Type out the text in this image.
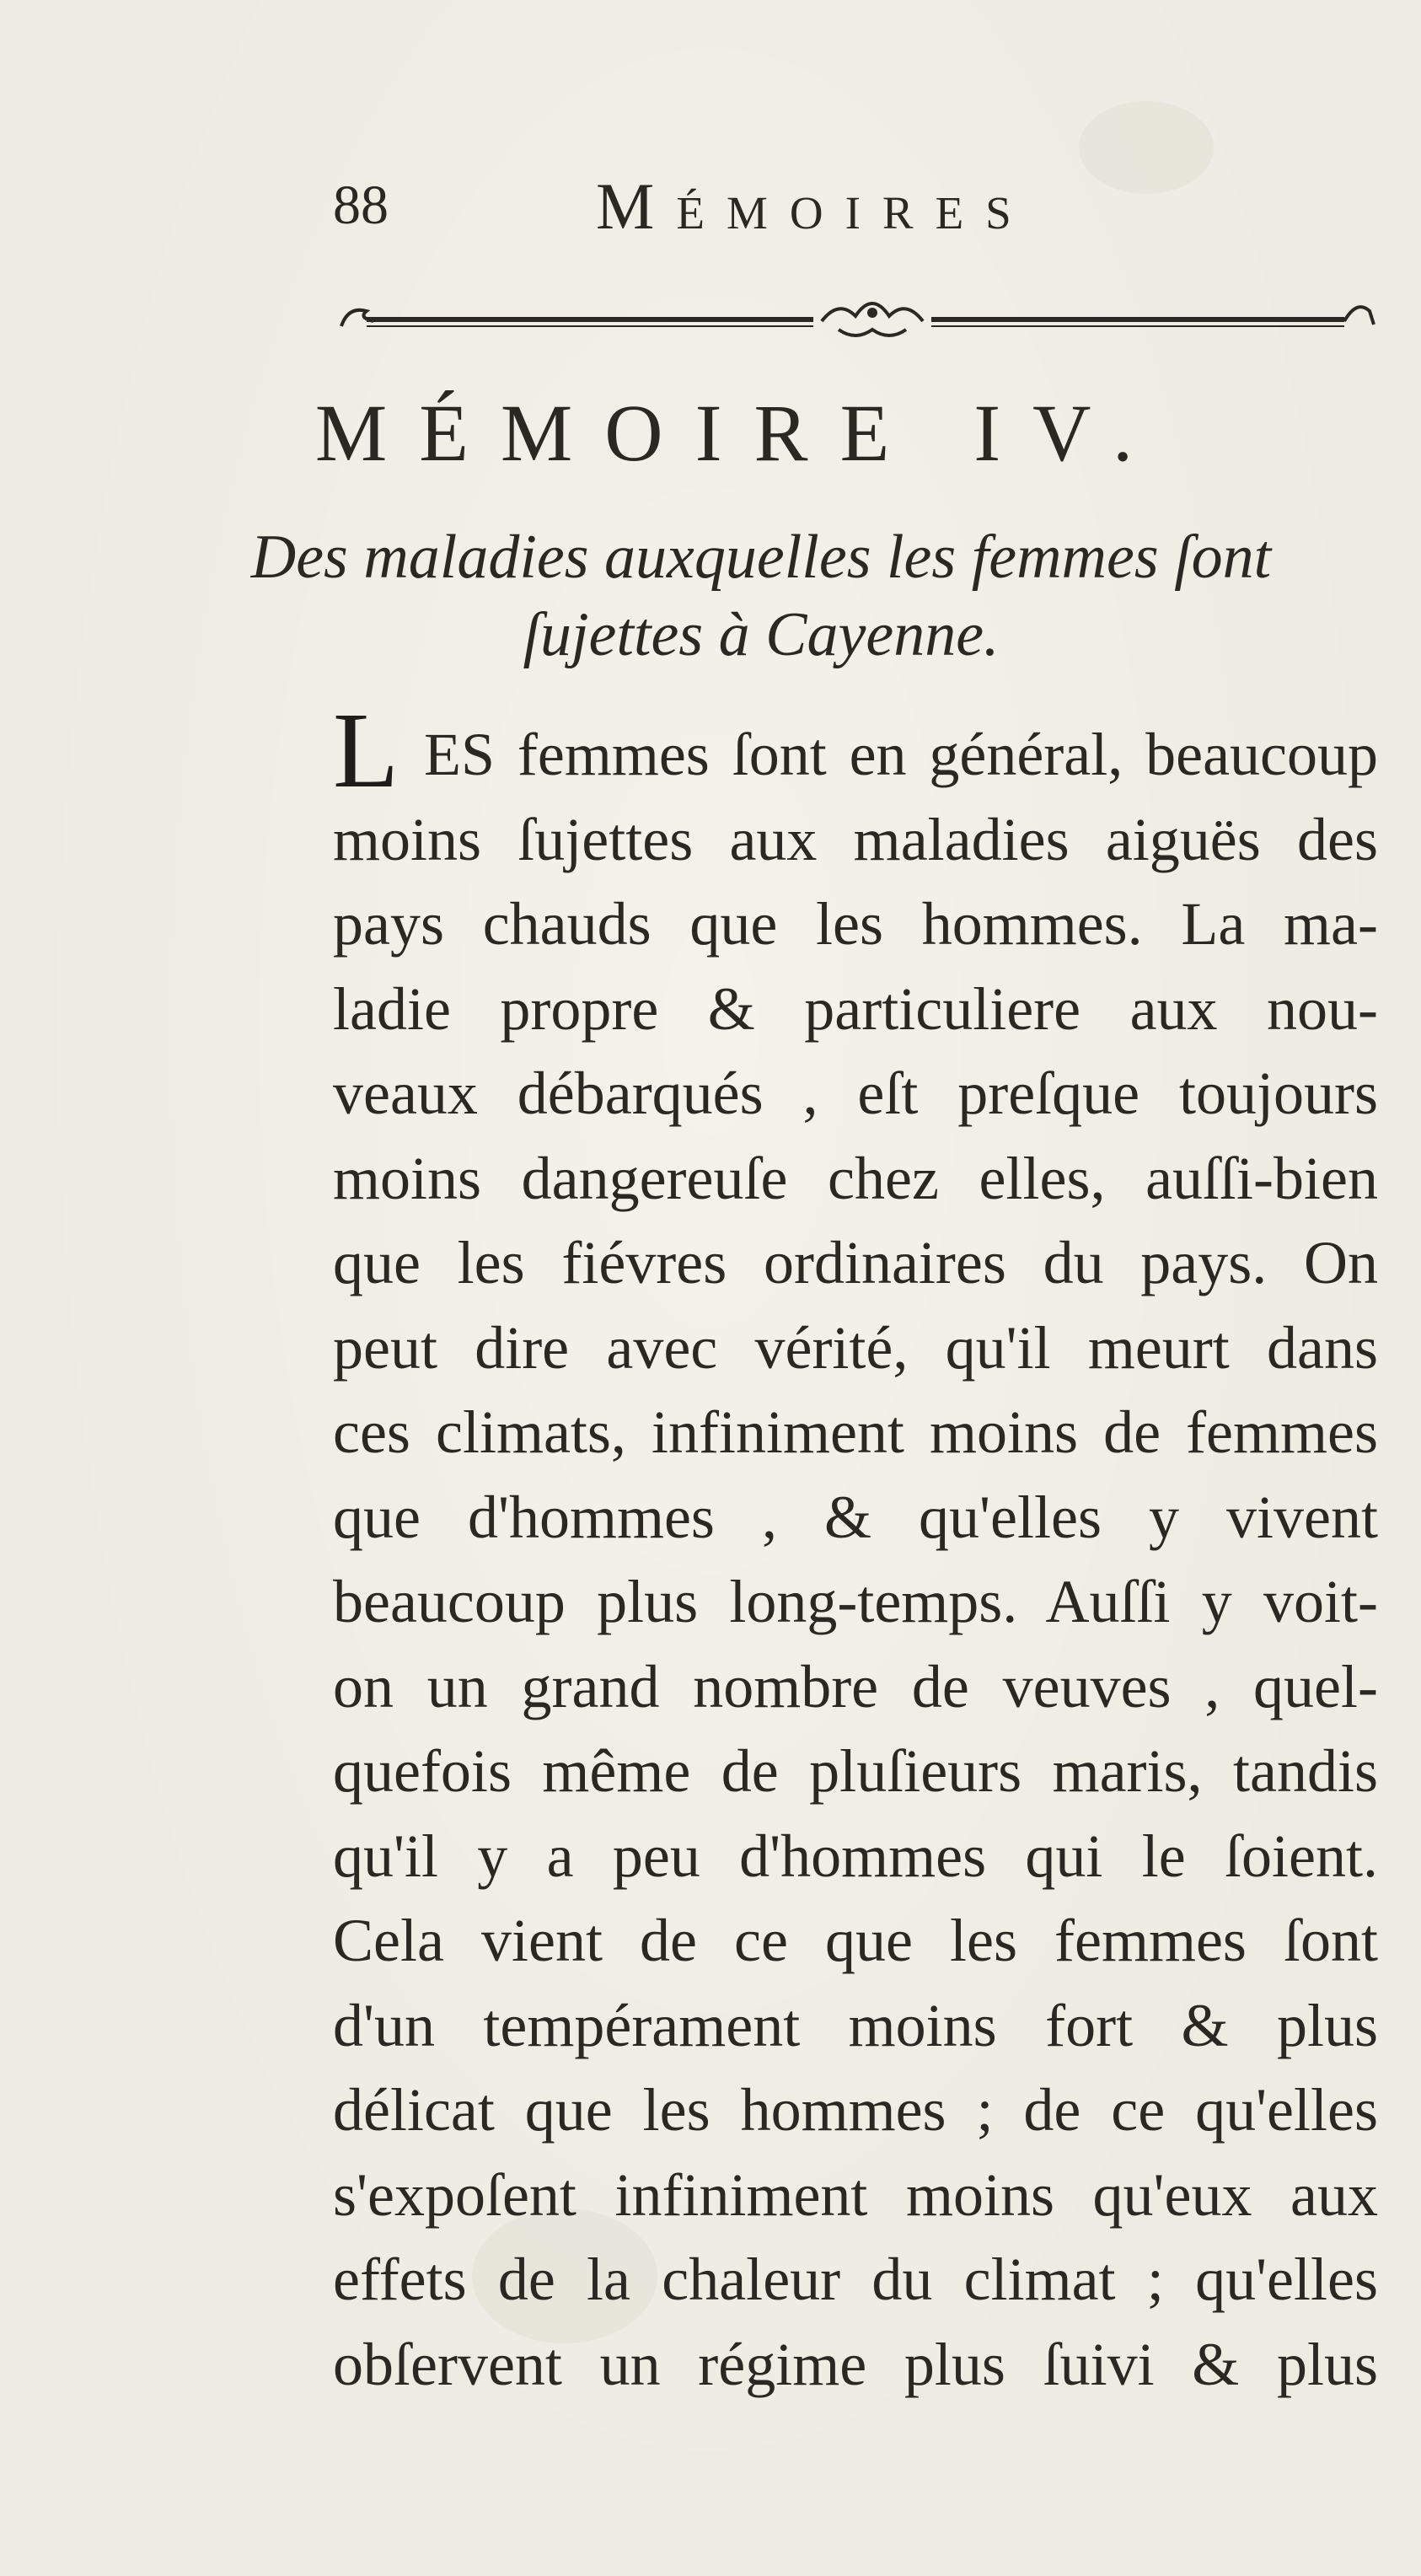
88	Mémoires
MÉMOIRE IV.
Des maladies auxquelles les femmes ſont
ſujettes à Cayenne.
L ES femmes ſont en général, beaucoup
moins ſujettes aux maladies aiguës des
pays chauds que les hommes. La ma-
ladie propre & particuliere aux nou-
veaux débarqués , eſt preſque toujours
moins dangereuſe chez elles, auſſi-bien
que les fiévres ordinaires du pays. On
peut dire avec vérité, qu'il meurt dans
ces climats, infiniment moins de femmes
que d'hommes , & qu'elles y vivent
beaucoup plus long-temps. Auſſi y voit-
on un grand nombre de veuves , quel-
quefois même de pluſieurs maris, tandis
qu'il y a peu d'hommes qui le ſoient.
Cela vient de ce que les femmes ſont
d'un tempérament moins fort & plus
délicat que les hommes ; de ce qu'elles
s'expoſent infiniment moins qu'eux aux
effets de la chaleur du climat ; qu'elles
obſervent un régime plus ſuivi & plus
